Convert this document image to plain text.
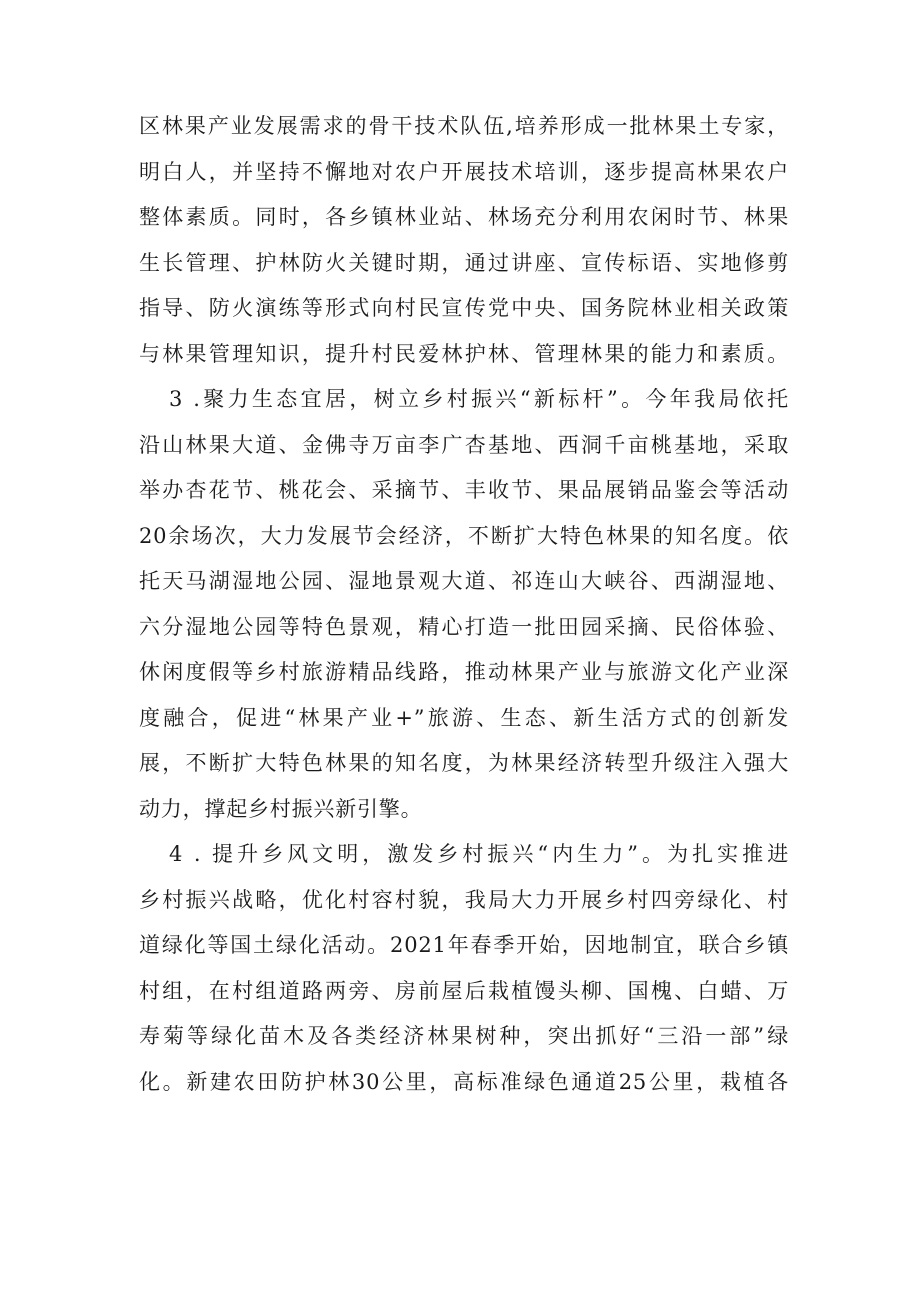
区林果产业发展需求的骨干技术队伍,培养形成一批林果土专家，
明白人，并坚持不懈地对农户开展技术培训，逐步提高林果农户
整体素质。同时，各乡镇林业站、林场充分利用农闲时节、林果
生长管理、护林防火关键时期，通过讲座、宣传标语、实地修剪
指导、防火演练等形式向村民宣传党中央、国务院林业相关政策
与林果管理知识，提升村民爱林护林、管理林果的能力和素质。
3 .聚力生态宜居，树立乡村振兴“新标杆”。今年我局依托
沿山林果大道、金佛寺万亩李广杏基地、西洞千亩桃基地，采取
举办杏花节、桃花会、采摘节、丰收节、果品展销品鉴会等活动
20余场次，大力发展节会经济，不断扩大特色林果的知名度。依
托天马湖湿地公园、湿地景观大道、祁连山大峡谷、西湖湿地、
六分湿地公园等特色景观，精心打造一批田园采摘、民俗体验、
休闲度假等乡村旅游精品线路，推动林果产业与旅游文化产业深
度融合，促进“林果产业+”旅游、生态、新生活方式的创新发
展，不断扩大特色林果的知名度，为林果经济转型升级注入强大
动力，撑起乡村振兴新引擎。
4 . 提升乡风文明，激发乡村振兴“内生力”。为扎实推进
乡村振兴战略，优化村容村貌，我局大力开展乡村四旁绿化、村
道绿化等国土绿化活动。2021年春季开始，因地制宜，联合乡镇
村组，在村组道路两旁、房前屋后栽植馒头柳、国槐、白蜡、万
寿菊等绿化苗木及各类经济林果树种，突出抓好“三沿一部”绿
化。新建农田防护林30公里，高标准绿色通道25公里，栽植各
